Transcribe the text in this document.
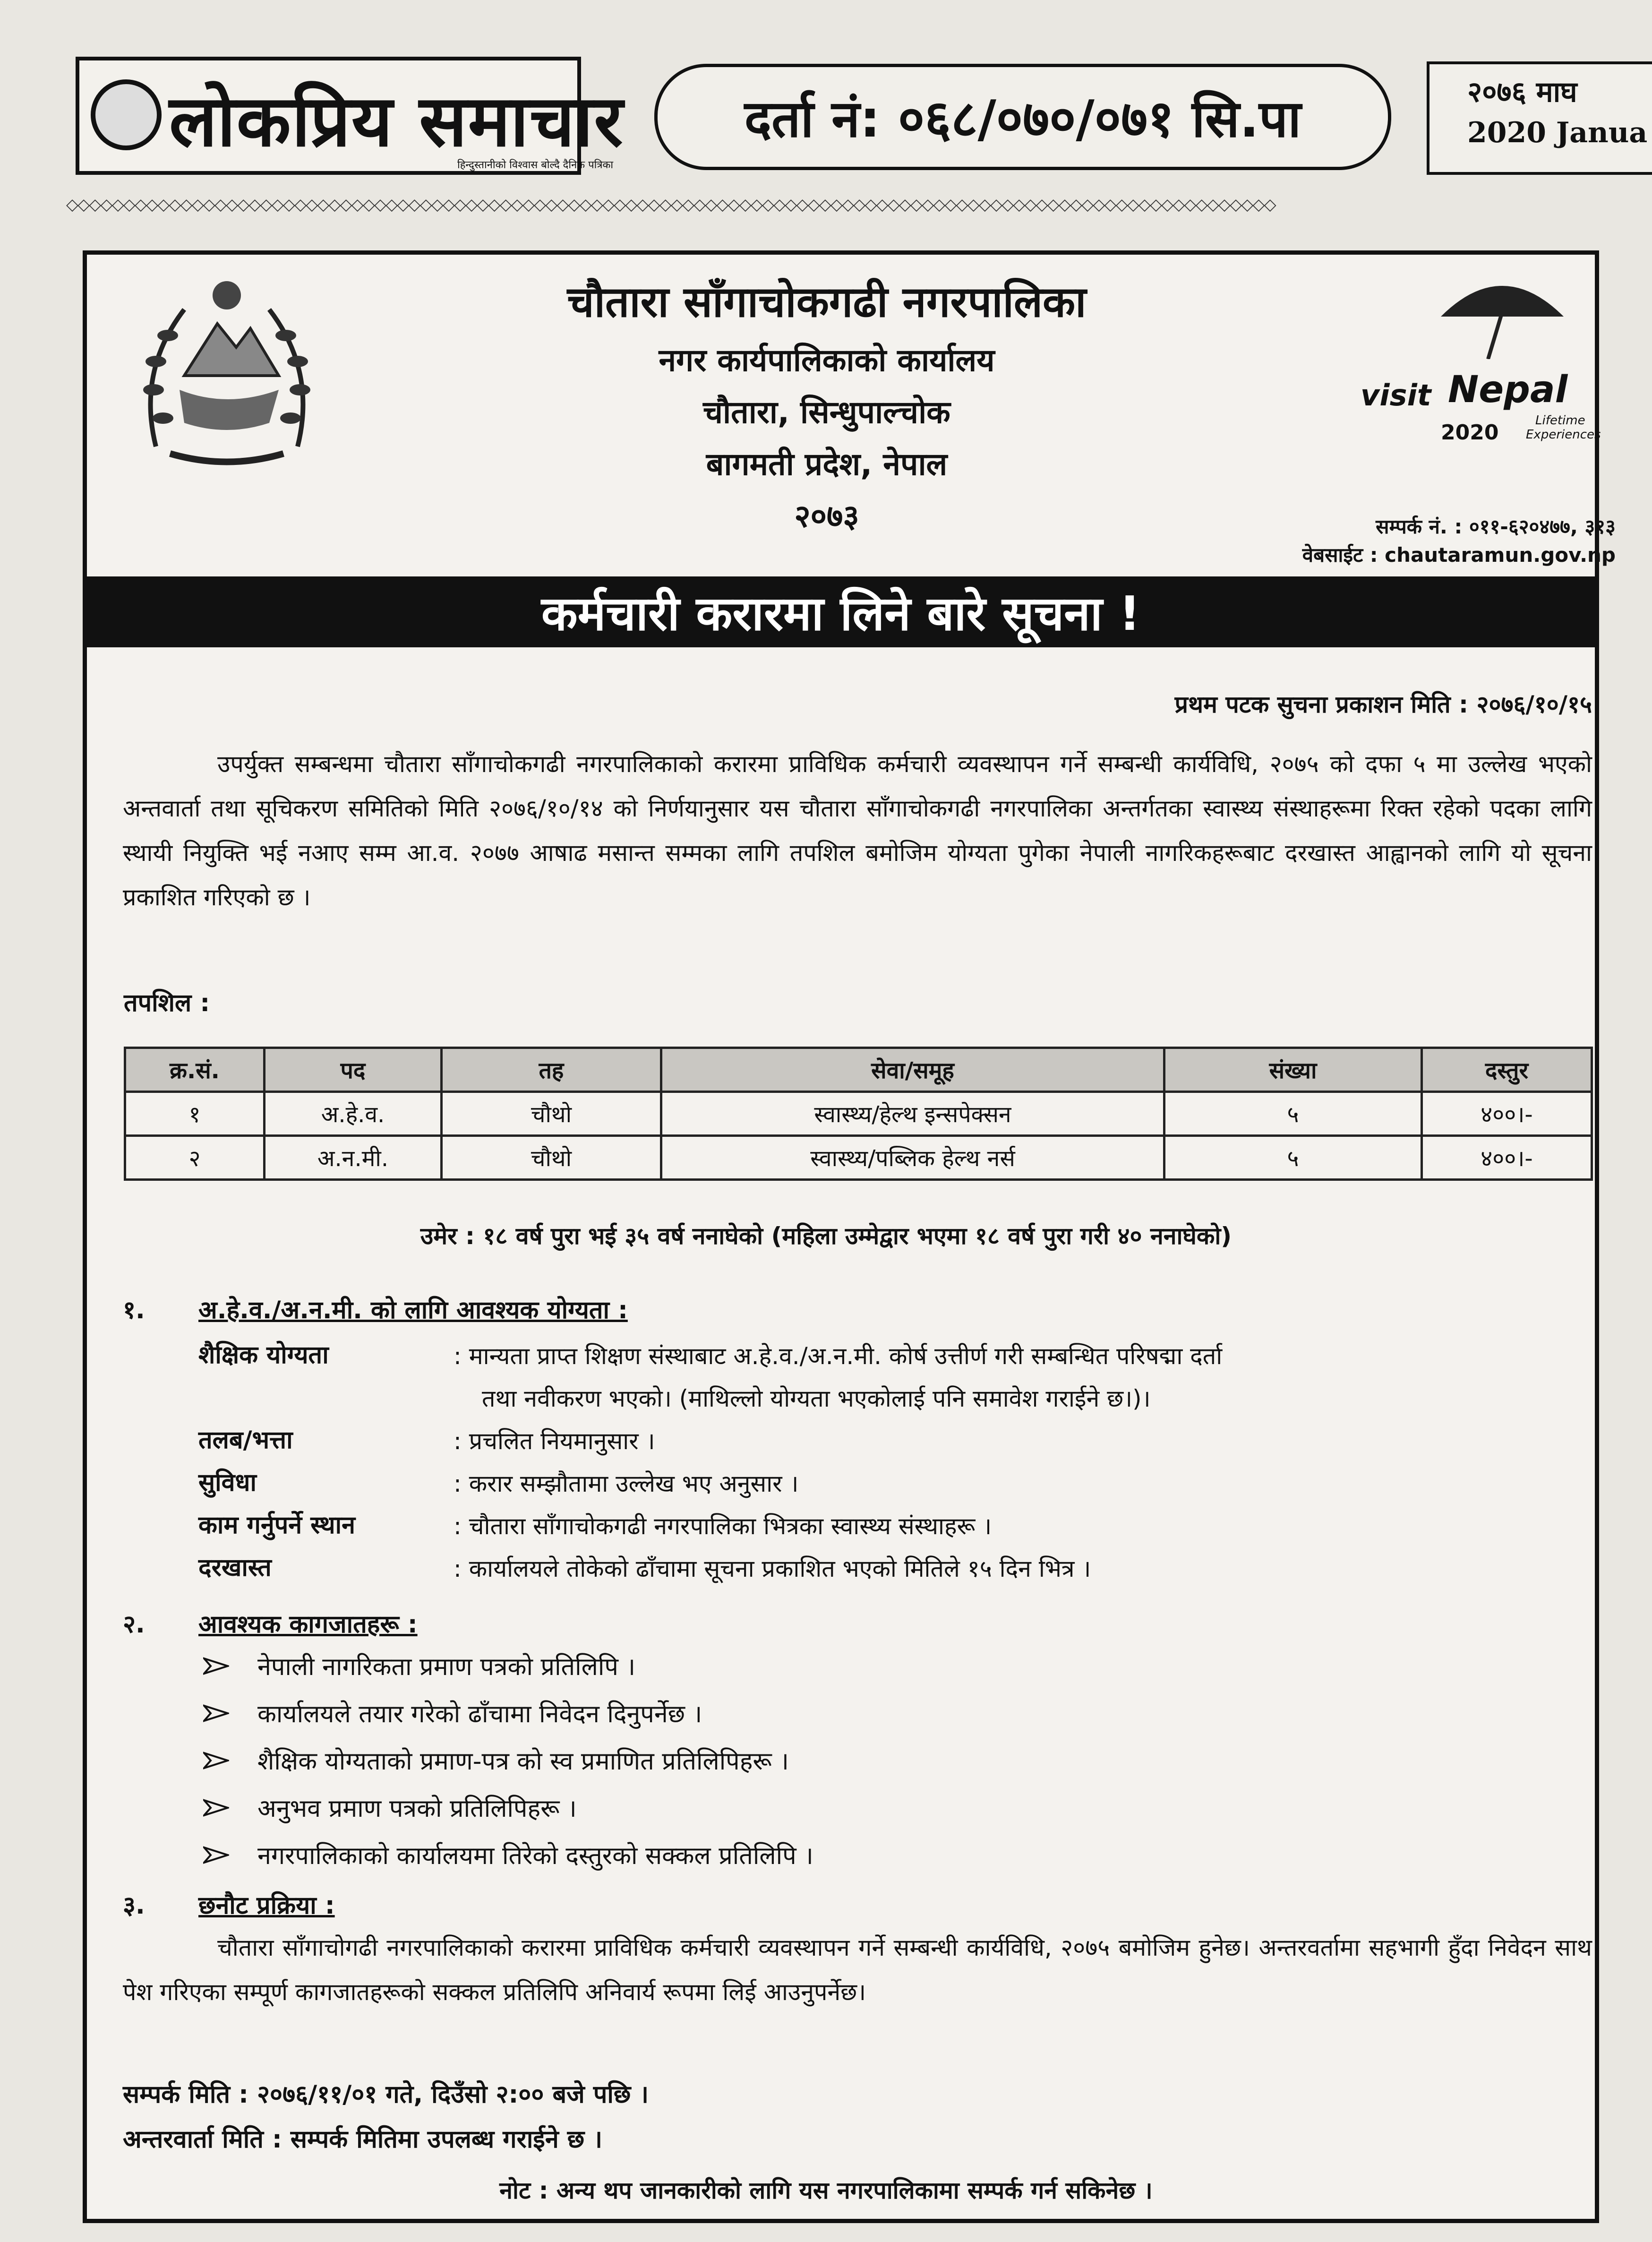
लोकप्रिय समाचार
हिन्दुस्तानीको विश्वास बोल्दै दैनिक पत्रिका
दर्ता नं: ०६८/०७०/०७१ सि.पा	२०७६ माघ
2020 Janua
◇◇◇◇◇◇◇◇◇◇◇◇◇◇◇◇◇◇◇◇◇◇◇◇◇◇◇◇◇◇◇◇◇◇◇◇◇◇◇◇◇◇◇◇◇◇◇◇◇◇◇◇◇◇◇◇◇◇◇◇◇◇◇◇◇◇◇◇◇◇◇◇◇◇◇◇◇◇◇◇◇◇◇◇◇◇◇◇◇◇◇◇◇◇◇◇◇◇◇◇◇◇◇◇◇◇
चौतारा साँगाचोकगढी नगरपालिका
नगर कार्यपालिकाको कार्यालय
चौतारा, सिन्धुपाल्चोक
बागमती प्रदेश, नेपाल
२०७३
visit Nepal
2020	Lifetime
Experiences
सम्पर्क नं. : ०११-६२०४७७, ३१३
वेबसाईट : chautaramun.gov.np
कर्मचारी करारमा लिने बारे सूचना !
प्रथम पटक सुचना प्रकाशन मिति : २०७६/१०/१५
उपर्युक्त सम्बन्धमा चौतारा साँगाचोकगढी नगरपालिकाको करारमा प्राविधिक कर्मचारी व्यवस्थापन गर्ने सम्बन्धी कार्यविधि, २०७५ को दफा ५ मा उल्लेख भएको अन्तवार्ता तथा सूचिकरण समितिको मिति २०७६/१०/१४ को निर्णयानुसार यस चौतारा साँगाचोकगढी नगरपालिका अन्तर्गतका स्वास्थ्य संस्थाहरूमा रिक्त रहेको पदका लागि स्थायी नियुक्ति भई नआए सम्म आ.व. २०७७ आषाढ मसान्त सम्मका लागि तपशिल बमोजिम योग्यता पुगेका नेपाली नागरिकहरूबाट दरखास्त आह्वानको लागि यो सूचना प्रकाशित गरिएको छ ।
तपशिल :
क्र.सं.	पद	तह	सेवा/समूह	संख्या	दस्तुर
१	अ.हे.व.	चौथो	स्वास्थ्य/हेल्थ इन्सपेक्सन	५	४००।-
२	अ.न.मी.	चौथो	स्वास्थ्य/पब्लिक हेल्थ नर्स	५	४००।-
उमेर : १८ वर्ष पुरा भई ३५ वर्ष ननाघेको (महिला उम्मेद्वार भएमा १८ वर्ष पुरा गरी ४० ननाघेको)
१. अ.हे.व./अ.न.मी. को लागि आवश्यक योग्यता :
शैक्षिक योग्यता	: मान्यता प्राप्त शिक्षण संस्थाबाट अ.हे.व./अ.न.मी. कोर्ष उत्तीर्ण गरी सम्बन्धित परिषद्मा दर्ता
तथा नवीकरण भएको। (माथिल्लो योग्यता भएकोलाई पनि समावेश गराईने छ।)।
तलब/भत्ता	: प्रचलित नियमानुसार ।
सुविधा	: करार सम्झौतामा उल्लेख भए अनुसार ।
काम गर्नुपर्ने स्थान	: चौतारा साँगाचोकगढी नगरपालिका भित्रका स्वास्थ्य संस्थाहरू ।
दरखास्त	: कार्यालयले तोकेको ढाँचामा सूचना प्रकाशित भएको मितिले १५ दिन भित्र ।
२. आवश्यक कागजातहरू :
नेपाली नागरिकता प्रमाण पत्रको प्रतिलिपि ।
कार्यालयले तयार गरेको ढाँचामा निवेदन दिनुपर्नेछ ।
शैक्षिक योग्यताको प्रमाण-पत्र को स्व प्रमाणित प्रतिलिपिहरू ।
अनुभव प्रमाण पत्रको प्रतिलिपिहरू ।
नगरपालिकाको कार्यालयमा तिरेको दस्तुरको सक्कल प्रतिलिपि ।
३. छनौट प्रक्रिया :
चौतारा साँगाचोगढी नगरपालिकाको करारमा प्राविधिक कर्मचारी व्यवस्थापन गर्ने सम्बन्धी कार्यविधि, २०७५ बमोजिम हुनेछ। अन्तरवर्तामा सहभागी हुँदा निवेदन साथ पेश गरिएका सम्पूर्ण कागजातहरूको सक्कल प्रतिलिपि अनिवार्य रूपमा लिई आउनुपर्नेछ।
सम्पर्क मिति : २०७६/११/०१ गते, दिउँसो २:०० बजे पछि ।
अन्तरवार्ता मिति : सम्पर्क मितिमा उपलब्ध गराईने छ ।
नोट : अन्य थप जानकारीको लागि यस नगरपालिकामा सम्पर्क गर्न सकिनेछ ।
